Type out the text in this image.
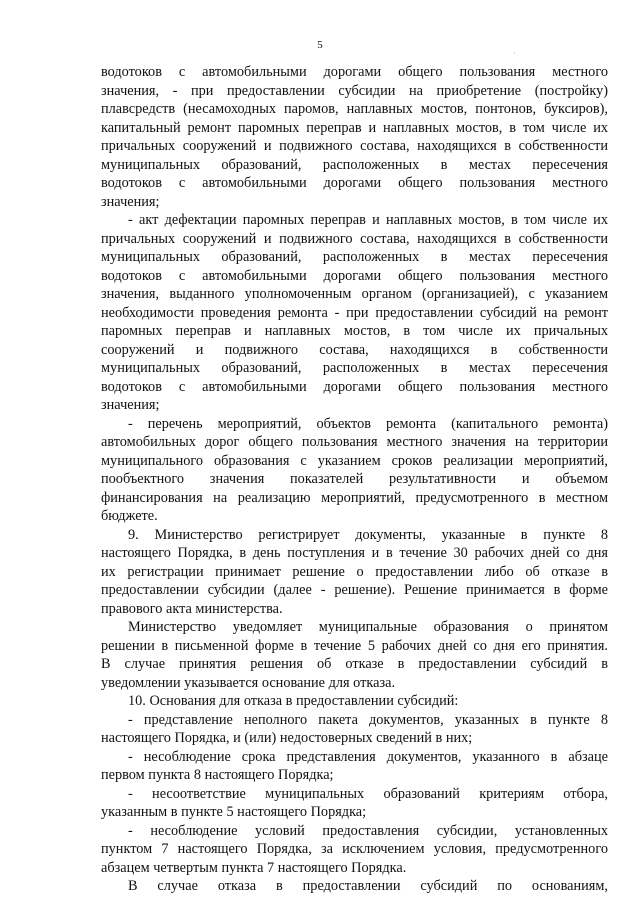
5
·
водотоков с автомобильными дорогами общего пользования местного
значения, - при предоставлении субсидии на приобретение (постройку)
плавсредств (несамоходных паромов, наплавных мостов, понтонов, буксиров),
капитальный ремонт паромных переправ и наплавных мостов, в том числе их
причальных сооружений и подвижного состава, находящихся в собственности
муниципальных образований, расположенных в местах пересечения
водотоков с автомобильными дорогами общего пользования местного
значения;
- акт дефектации паромных переправ и наплавных мостов, в том числе их
причальных сооружений и подвижного состава, находящихся в собственности
муниципальных образований, расположенных в местах пересечения
водотоков с автомобильными дорогами общего пользования местного
значения, выданного уполномоченным органом (организацией), с указанием
необходимости проведения ремонта - при предоставлении субсидий на ремонт
паромных переправ и наплавных мостов, в том числе их причальных
сооружений и подвижного состава, находящихся в собственности
муниципальных образований, расположенных в местах пересечения
водотоков с автомобильными дорогами общего пользования местного
значения;
- перечень мероприятий, объектов ремонта (капитального ремонта)
автомобильных дорог общего пользования местного значения на территории
муниципального образования с указанием сроков реализации мероприятий,
пообъектного значения показателей результативности и объемом
финансирования на реализацию мероприятий, предусмотренного в местном
бюджете.
9. Министерство регистрирует документы, указанные в пункте 8
настоящего Порядка, в день поступления и в течение 30 рабочих дней со дня
их регистрации принимает решение о предоставлении либо об отказе в
предоставлении субсидии (далее - решение). Решение принимается в форме
правового акта министерства.
Министерство уведомляет муниципальные образования о принятом
решении в письменной форме в течение 5 рабочих дней со дня его принятия.
В случае принятия решения об отказе в предоставлении субсидий в
уведомлении указывается основание для отказа.
10. Основания для отказа в предоставлении субсидий:
- представление неполного пакета документов, указанных в пункте 8
настоящего Порядка, и (или) недостоверных сведений в них;
- несоблюдение срока представления документов, указанного в абзаце
первом пункта 8 настоящего Порядка;
- несоответствие муниципальных образований критериям отбора,
указанным в пункте 5 настоящего Порядка;
- несоблюдение условий предоставления субсидии, установленных
пунктом 7 настоящего Порядка, за исключением условия, предусмотренного
абзацем четвертым пункта 7 настоящего Порядка.
В случае отказа в предоставлении субсидий по основаниям,
